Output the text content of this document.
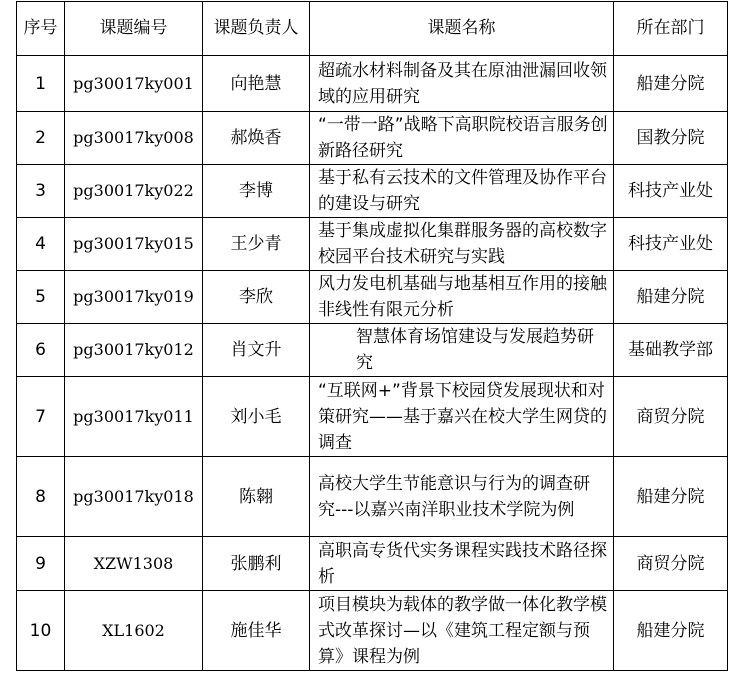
序号	课题编号	课题负责人	课题名称	所在部门
1	pg30017ky001	向艳慧	超疏水材料制备及其在原油泄漏回收领域的应用研究	船建分院
2	pg30017ky008	郝焕香	“一带一路”战略下高职院校语言服务创新路径研究	国教分院
3	pg30017ky022	李博	基于私有云技术的文件管理及协作平台的建设与研究	科技产业处
4	pg30017ky015	王少青	基于集成虚拟化集群服务器的高校数字校园平台技术研究与实践	科技产业处
5	pg30017ky019	李欣	风力发电机基础与地基相互作用的接触非线性有限元分析	船建分院
6	pg30017ky012	肖文升	智慧体育场馆建设与发展趋势研究	基础教学部
7	pg30017ky011	刘小毛	“互联网+”背景下校园贷发展现状和对策研究——基于嘉兴在校大学生网贷的调查	商贸分院
8	pg30017ky018	陈翱	高校大学生节能意识与行为的调查研究---以嘉兴南洋职业技术学院为例	船建分院
9	XZW1308	张鹏利	高职高专货代实务课程实践技术路径探析	商贸分院
10	XL1602	施佳华	项目模块为载体的教学做一体化教学模式改革探讨—以《建筑工程定额与预算》课程为例	船建分院
